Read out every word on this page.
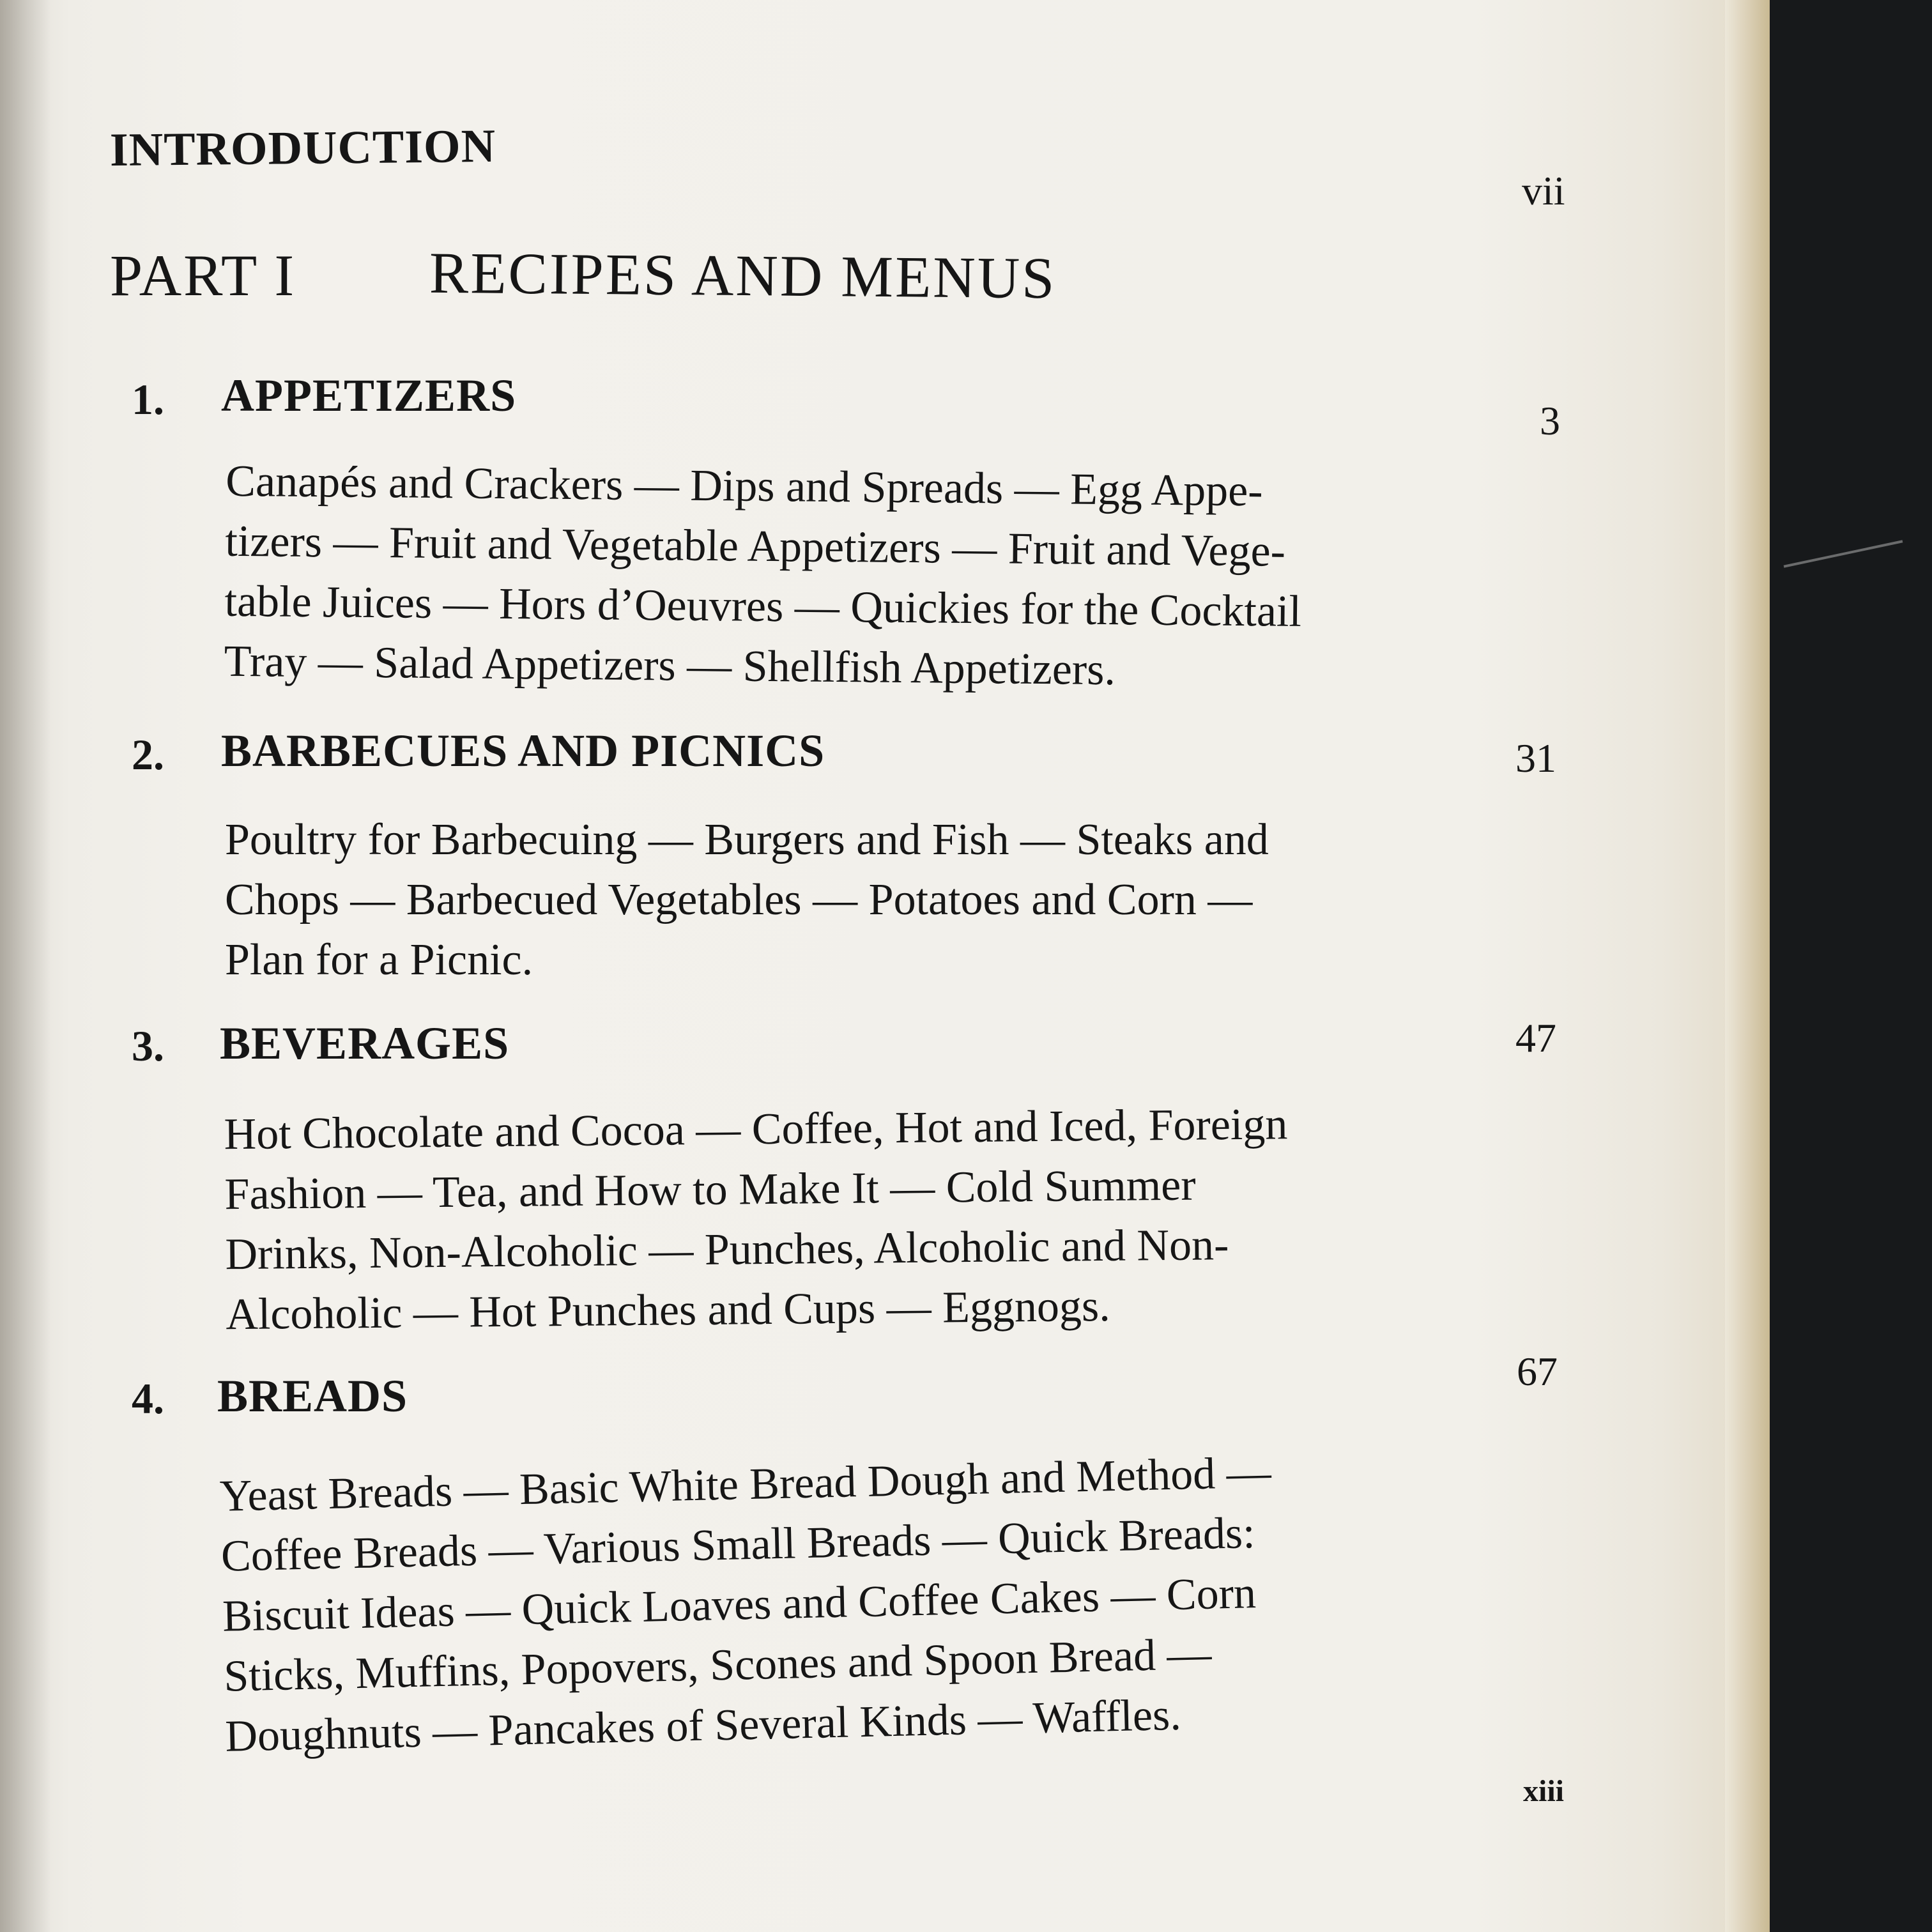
INTRODUCTION

vii

PART I RECIPES AND MENUS

1. APPETIZERS	3

Canapés and Crackers — Dips and Spreads — Egg Appe-
tizers — Fruit and Vegetable Appetizers — Fruit and Vege-
table Juices — Hors d’Oeuvres — Quickies for the Cocktail
Tray — Salad Appetizers — Shellfish Appetizers.

2. BARBECUES AND PICNICS	31

Poultry for Barbecuing — Burgers and Fish — Steaks and
Chops — Barbecued Vegetables — Potatoes and Corn —
Plan for a Picnic.

3. BEVERAGES	47

Hot Chocolate and Cocoa — Coffee, Hot and Iced, Foreign
Fashion — Tea, and How to Make It — Cold Summer
Drinks, Non-Alcoholic — Punches, Alcoholic and Non-
Alcoholic — Hot Punches and Cups — Eggnogs.

4. BREADS	67

Yeast Breads — Basic White Bread Dough and Method —
Coffee Breads — Various Small Breads — Quick Breads:
Biscuit Ideas — Quick Loaves and Coffee Cakes — Corn
Sticks, Muffins, Popovers, Scones and Spoon Bread —
Doughnuts — Pancakes of Several Kinds — Waffles.

xiii
